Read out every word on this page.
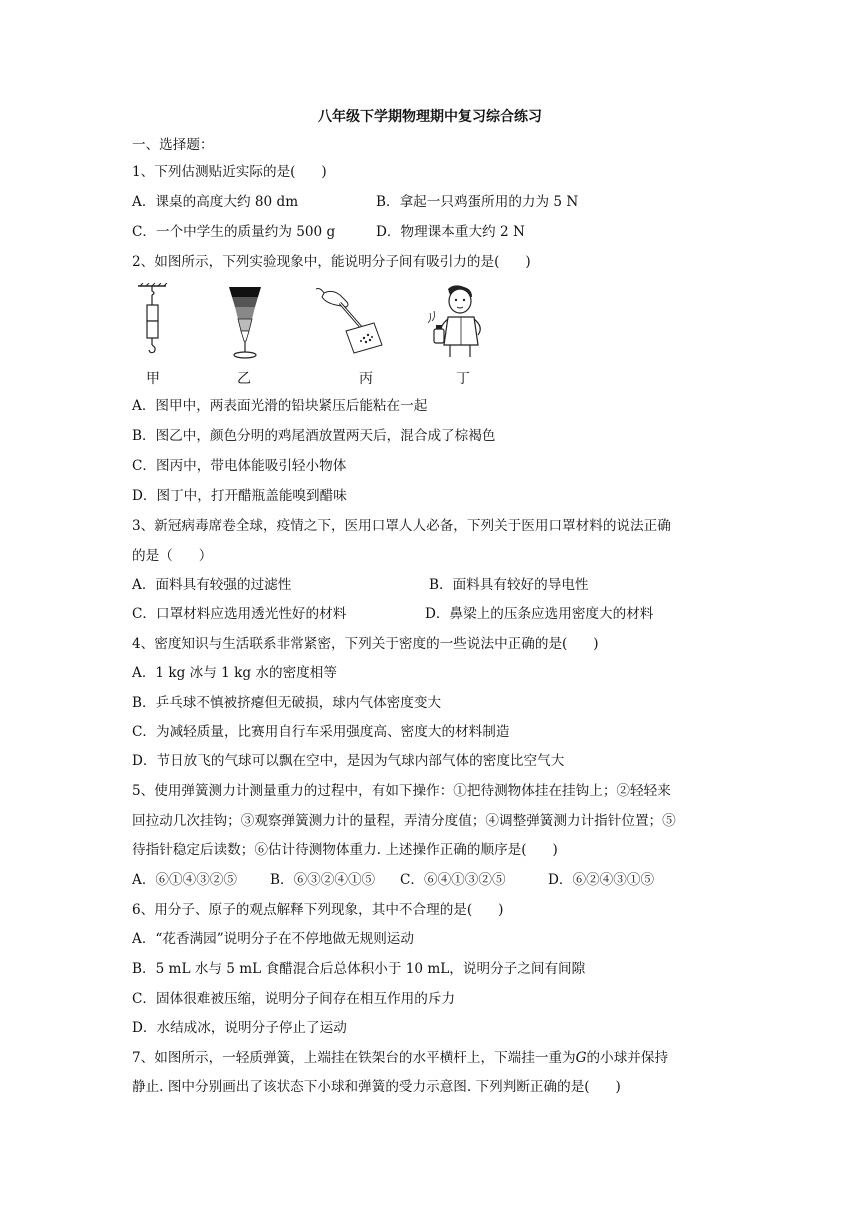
八年级下学期物理期中复习综合练习
一、选择题：
1、下列估测贴近实际的是(      )
A．课桌的高度大约 80 dm	B．拿起一只鸡蛋所用的力为 5 N
C．一个中学生的质量约为 500 g	D．物理课本重大约 2 N
2、如图所示，下列实验现象中，能说明分子间有吸引力的是(      )
甲	乙	丙	丁
A．图甲中，两表面光滑的铅块紧压后能粘在一起
B．图乙中，颜色分明的鸡尾酒放置两天后，混合成了棕褐色
C．图丙中，带电体能吸引轻小物体
D．图丁中，打开醋瓶盖能嗅到醋味
3、新冠病毒席卷全球，疫情之下，医用口罩人人必备，下列关于医用口罩材料的说法正确
的是（      ）
A．面料具有较强的过滤性	B．面料具有较好的导电性
C．口罩材料应选用透光性好的材料	D．鼻梁上的压条应选用密度大的材料
4、密度知识与生活联系非常紧密，下列关于密度的一些说法中正确的是(      )
A．1 kg 冰与 1 kg 水的密度相等
B．乒乓球不慎被挤瘪但无破损，球内气体密度变大
C．为减轻质量，比赛用自行车采用强度高、密度大的材料制造
D．节日放飞的气球可以飘在空中，是因为气球内部气体的密度比空气大
5、使用弹簧测力计测量重力的过程中，有如下操作：①把待测物体挂在挂钩上；②轻轻来
回拉动几次挂钩；③观察弹簧测力计的量程，弄清分度值；④调整弹簧测力计指针位置；⑤
待指针稳定后读数；⑥估计待测物体重力. 上述操作正确的顺序是(      )
A．⑥①④③②⑤ B．⑥③②④①⑤ C．⑥④①③②⑤	D．⑥②④③①⑤
6、用分子、原子的观点解释下列现象，其中不合理的是(      )
A．“花香满园”说明分子在不停地做无规则运动
B．5 mL 水与 5 mL 食醋混合后总体积小于 10 mL，说明分子之间有间隙
C．固体很难被压缩，说明分子间存在相互作用的斥力
D．水结成冰，说明分子停止了运动
7、如图所示，一轻质弹簧，上端挂在铁架台的水平横杆上，下端挂一重为G的小球并保持
静止. 图中分别画出了该状态下小球和弹簧的受力示意图. 下列判断正确的是(      )
